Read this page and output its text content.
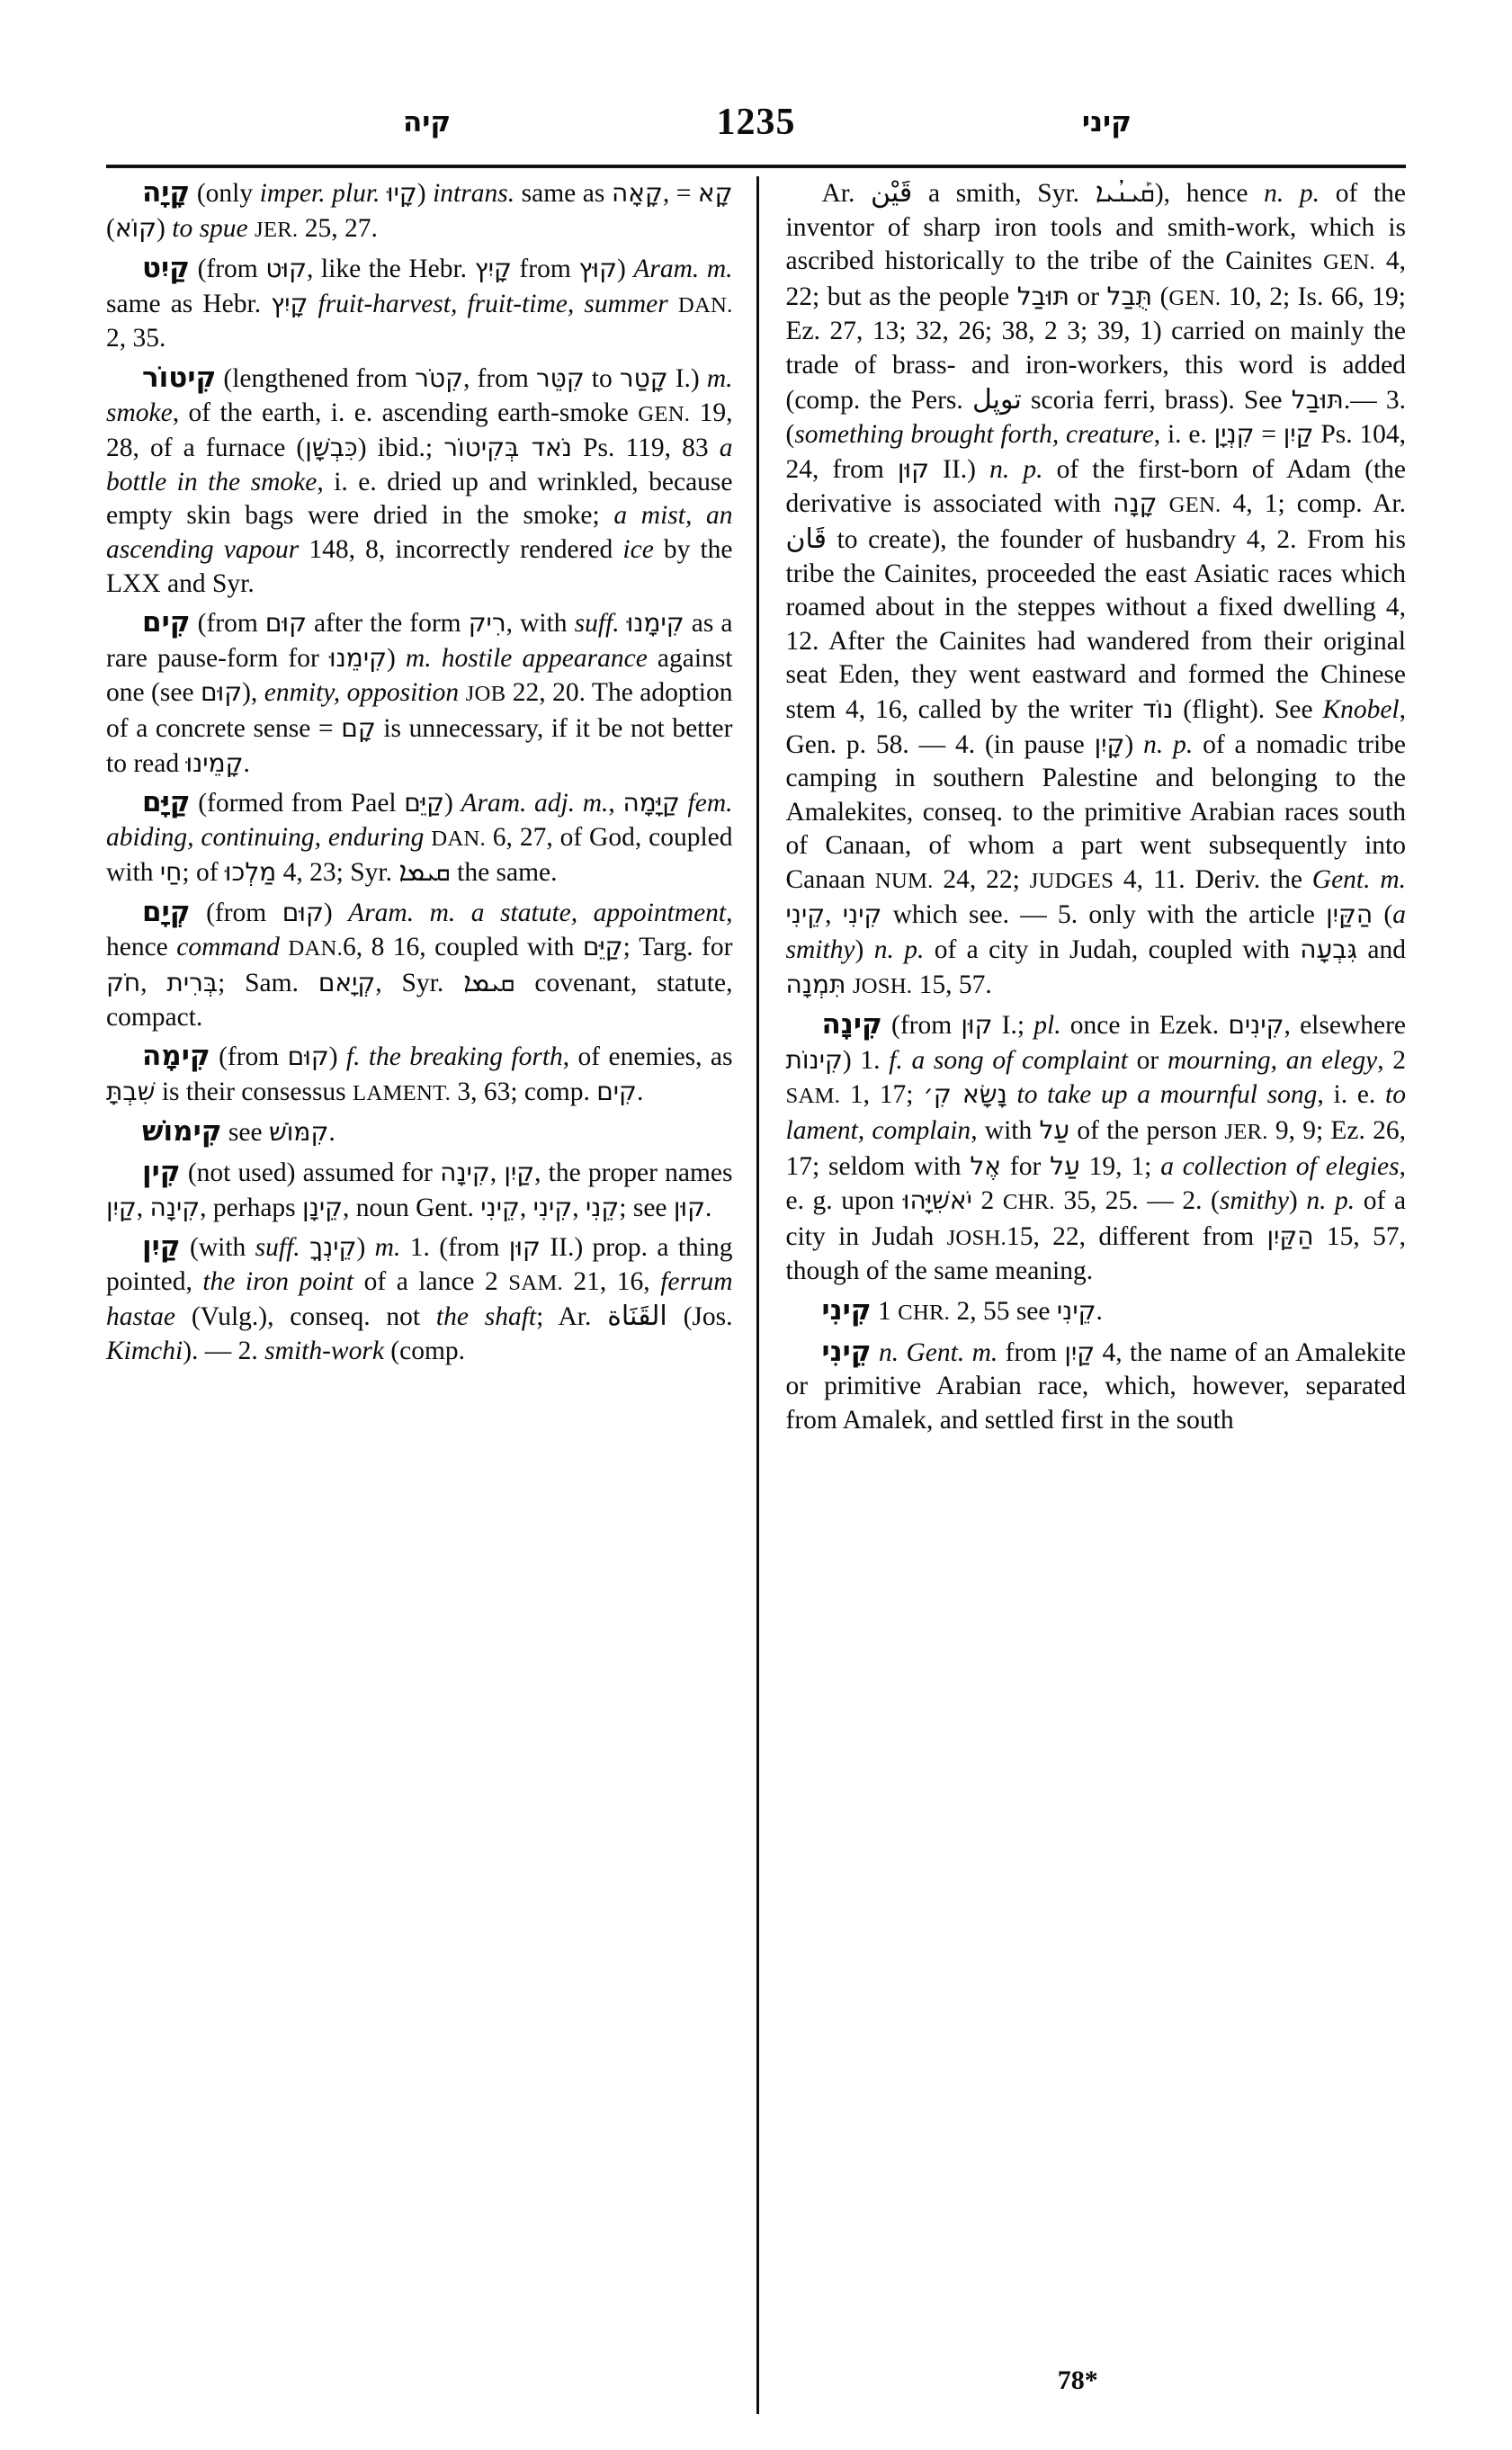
קיה	1235	קיני

קָיָה (only imper. plur. קָיוּ) intrans. same as קָאָה, = קָא (קוֹא) to spue JER. 25, 27.

קַיִט (from קוּט, like the Hebr. קָיִץ from קוּץ) Aram. m. same as Hebr. קָיִץ fruit-harvest, fruit-time, summer DAN. 2, 35.

קִיטוֹר (lengthened from קִטֹר, from קִטֵּר to קָטַר I.) m. smoke, of the earth, i. e. ascending earth-smoke GEN. 19, 28, of a furnace (כִּבְשָׁן) ibid.; נֹאד בְּקִיטוֹר Ps. 119, 83 a bottle in the smoke, i. e. dried up and wrinkled, because empty skin bags were dried in the smoke; a mist, an ascending vapour 148, 8, incorrectly rendered ice by the LXX and Syr.

קִים (from קוּם after the form רִיק, with suff. קִימָנוּ as a rare pause-form for קִימֵנוּ) m. hostile appearance against one (see קוּם), enmity, opposition JOB 22, 20. The adoption of a concrete sense = קָם is unnecessary, if it be not better to read קָמֵינוּ.

קַיָּם (formed from Pael קַיֵּם) Aram. adj. m., קַיָּמָה fem. abiding, continuing, enduring DAN. 6, 27, of God, coupled with חַי; of מַלְכוּ 4, 23; Syr. ܩܝܡܐ the same.

קְיָם (from קוּם) Aram. m. a statute, appointment, hence command DAN.6, 8 16, coupled with קַיֵּם; Targ. for חֹק, בְּרִית; Sam. קְיָאם, Syr. ܩܝܡܐ covenant, statute, compact.

קִימָה (from קוּם) f. the breaking forth, of enemies, as שִׁבְתָּ is their consessus LAMENT. 3, 63; comp. קִים.

קִימוֹשׁ see קִמּוֹשׁ.

קִין (not used) assumed for קִינָה, קַיִן, the proper names קַיִן, קִינָה, perhaps קֵינָן, noun Gent. קֵינִי, קִינִי, קֵנִי; see קוּן.

קַיִן (with suff. קֵינְךָ) m. 1. (from קוּן II.) prop. a thing pointed, the iron point of a lance 2 SAM. 21, 16, ferrum hastae (Vulg.), conseq. not the shaft; Ar. القَنَاة (Jos. Kimchi). — 2. smith-work (comp.

Ar. قَيْن a smith, Syr. ܩܰܝܢܳܝܐ), hence n. p. of the inventor of sharp iron tools and smith-work, which is ascribed historically to the tribe of the Cainites GEN. 4, 22; but as the people תּוּבַל or תֻּבַל (GEN. 10, 2; Is. 66, 19; Ez. 27, 13; 32, 26; 38, 2 3; 39, 1) carried on mainly the trade of brass- and iron-workers, this word is added (comp. the Pers. توپل scoria ferri, brass). See תּוּבַל.— 3. (something brought forth, creature, i. e. קִנְיָן = קַיִן Ps. 104, 24, from קוּן II.) n. p. of the first-born of Adam (the derivative is associated with קָנָה GEN. 4, 1; comp. Ar. قَان to create), the founder of husbandry 4, 2. From his tribe the Cainites, proceeded the east Asiatic races which roamed about in the steppes without a fixed dwelling 4, 12. After the Cainites had wandered from their original seat Eden, they went eastward and formed the Chinese stem 4, 16, called by the writer נוֹד (flight). See Knobel, Gen. p. 58. — 4. (in pause קָיִן) n. p. of a nomadic tribe camping in southern Palestine and belonging to the Amalekites, conseq. to the primitive Arabian races south of Canaan, of whom a part went subsequently into Canaan NUM. 24, 22; JUDGES 4, 11. Deriv. the Gent. m. קֵינִי, קִינִי which see. — 5. only with the article הַקַּיִן (a smithy) n. p. of a city in Judah, coupled with גִּבְעָה and תִּמְנָה JOSH. 15, 57.

קִינָה (from קוּן I.; pl. once in Ezek. קִינִים, elsewhere קִינוֹת) 1. f. a song of complaint or mourning, an elegy, 2 SAM. 1, 17; נָשָׂא קִ׳ to take up a mournful song, i. e. to lament, complain, with עַל of the person JER. 9, 9; Ez. 26, 17; seldom with אֶל for עַל 19, 1; a collection of elegies, e. g. upon יֹאשִׁיָּהוּ 2 CHR. 35, 25. — 2. (smithy) n. p. of a city in Judah JOSH.15, 22, different from הַקַּיִן 15, 57, though of the same meaning.

קִינִי 1 CHR. 2, 55 see קֵינִי.

קֵינִי n. Gent. m. from קַיִן 4, the name of an Amalekite or primitive Arabian race, which, however, separated from Amalek, and settled first in the south

78*
